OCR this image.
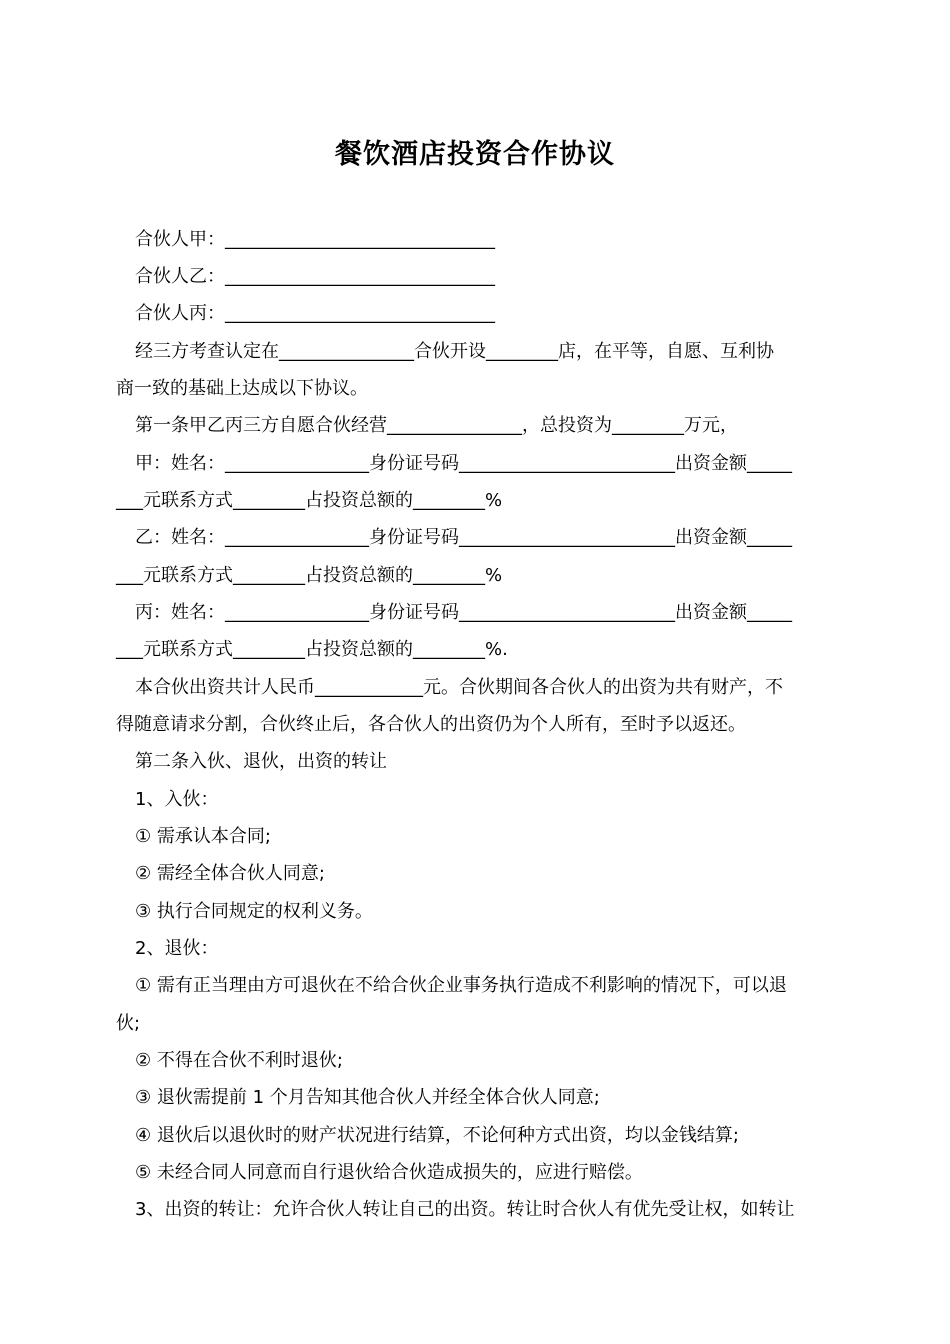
餐饮酒店投资合作协议
合伙人甲：______________________________
合伙人乙：______________________________
合伙人丙：______________________________
经三方考查认定在_______________合伙开设________店，在平等，自愿、互利协
商一致的基础上达成以下协议。
第一条甲乙丙三方自愿合伙经营_______________，总投资为________万元，
甲：姓名：________________身份证号码________________________出资金额_____
___元联系方式________占投资总额的________%
乙：姓名：________________身份证号码________________________出资金额_____
___元联系方式________占投资总额的________%
丙：姓名：________________身份证号码________________________出资金额_____
___元联系方式________占投资总额的________%.
本合伙出资共计人民币____________元。合伙期间各合伙人的出资为共有财产，不
得随意请求分割，合伙终止后，各合伙人的出资仍为个人所有，至时予以返还。
第二条入伙、退伙，出资的转让
1、入伙：
① 需承认本合同;
② 需经全体合伙人同意;
③ 执行合同规定的权利义务。
2、退伙：
① 需有正当理由方可退伙在不给合伙企业事务执行造成不利影响的情况下，可以退
伙;
② 不得在合伙不利时退伙;
③ 退伙需提前 1 个月告知其他合伙人并经全体合伙人同意;
④ 退伙后以退伙时的财产状况进行结算，不论何种方式出资，均以金钱结算;
⑤ 未经合同人同意而自行退伙给合伙造成损失的，应进行赔偿。
3、出资的转让：允许合伙人转让自己的出资。转让时合伙人有优先受让权，如转让
